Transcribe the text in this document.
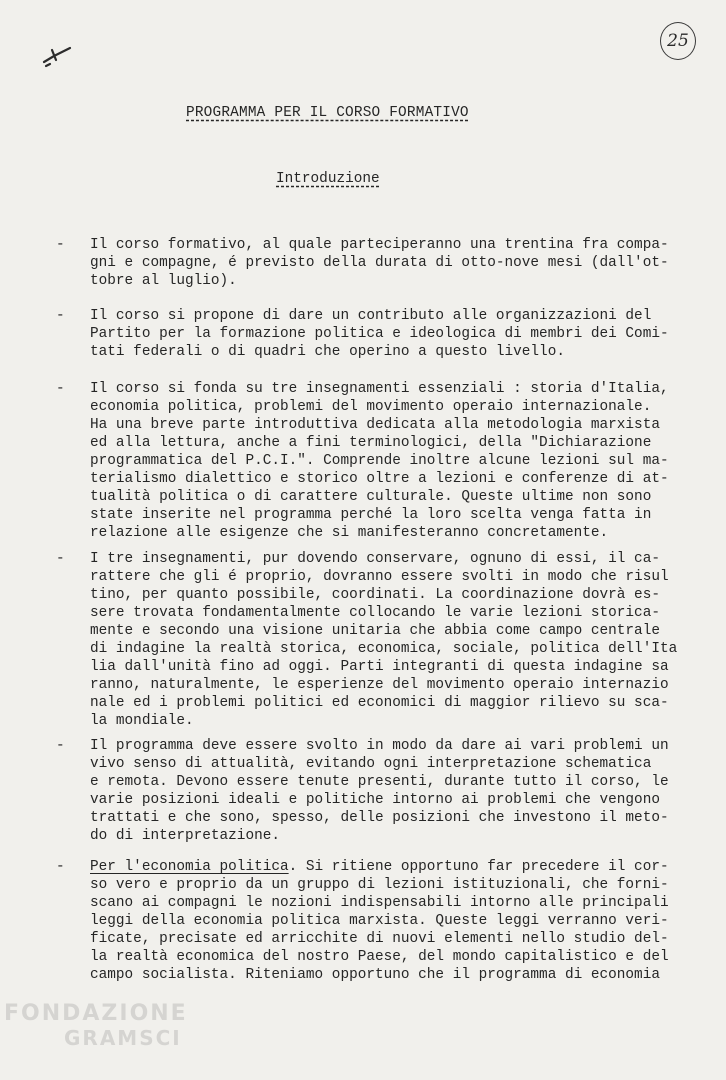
25
PROGRAMMA PER IL CORSO FORMATIVO
Introduzione
- Il corso formativo, al quale parteciperanno una trentina fra compa-
gni e compagne, é previsto della durata di otto-nove mesi (dall'ot-
tobre al luglio).
- Il corso si propone di dare un contributo alle organizzazioni del
Partito per la formazione politica e ideologica di membri dei Comi-
tati federali o di quadri che operino a questo livello.
- Il corso si fonda su tre insegnamenti essenziali : storia d'Italia,
economia politica, problemi del movimento operaio internazionale.
Ha una breve parte introduttiva dedicata alla metodologia marxista
ed alla lettura, anche a fini terminologici, della "Dichiarazione
programmatica del P.C.I.". Comprende inoltre alcune lezioni sul ma-
terialismo dialettico e storico oltre a lezioni e conferenze di at-
tualità politica o di carattere culturale. Queste ultime non sono
state inserite nel programma perché la loro scelta venga fatta in
relazione alle esigenze che si manifesteranno concretamente.
- I tre insegnamenti, pur dovendo conservare, ognuno di essi, il ca-
rattere che gli é proprio, dovranno essere svolti in modo che risul
tino, per quanto possibile, coordinati. La coordinazione dovrà es-
sere trovata fondamentalmente collocando le varie lezioni storica-
mente e secondo una visione unitaria che abbia come campo centrale
di indagine la realtà storica, economica, sociale, politica dell'Ita
lia dall'unità fino ad oggi. Parti integranti di questa indagine sa
ranno, naturalmente, le esperienze del movimento operaio internazio
nale ed i problemi politici ed economici di maggior rilievo su sca-
la mondiale.
- Il programma deve essere svolto in modo da dare ai vari problemi un
vivo senso di attualità, evitando ogni interpretazione schematica
e remota. Devono essere tenute presenti, durante tutto il corso, le
varie posizioni ideali e politiche intorno ai problemi che vengono
trattati e che sono, spesso, delle posizioni che investono il meto-
do di interpretazione.
- Per l'economia politica. Si ritiene opportuno far precedere il cor-
so vero e proprio da un gruppo di lezioni istituzionali, che forni-
scano ai compagni le nozioni indispensabili intorno alle principali
leggi della economia politica marxista. Queste leggi verranno veri-
ficate, precisate ed arricchite di nuovi elementi nello studio del-
la realtà economica del nostro Paese, del mondo capitalistico e del
campo socialista. Riteniamo opportuno che il programma di economia
FONDAZIONE
GRAMSCI
